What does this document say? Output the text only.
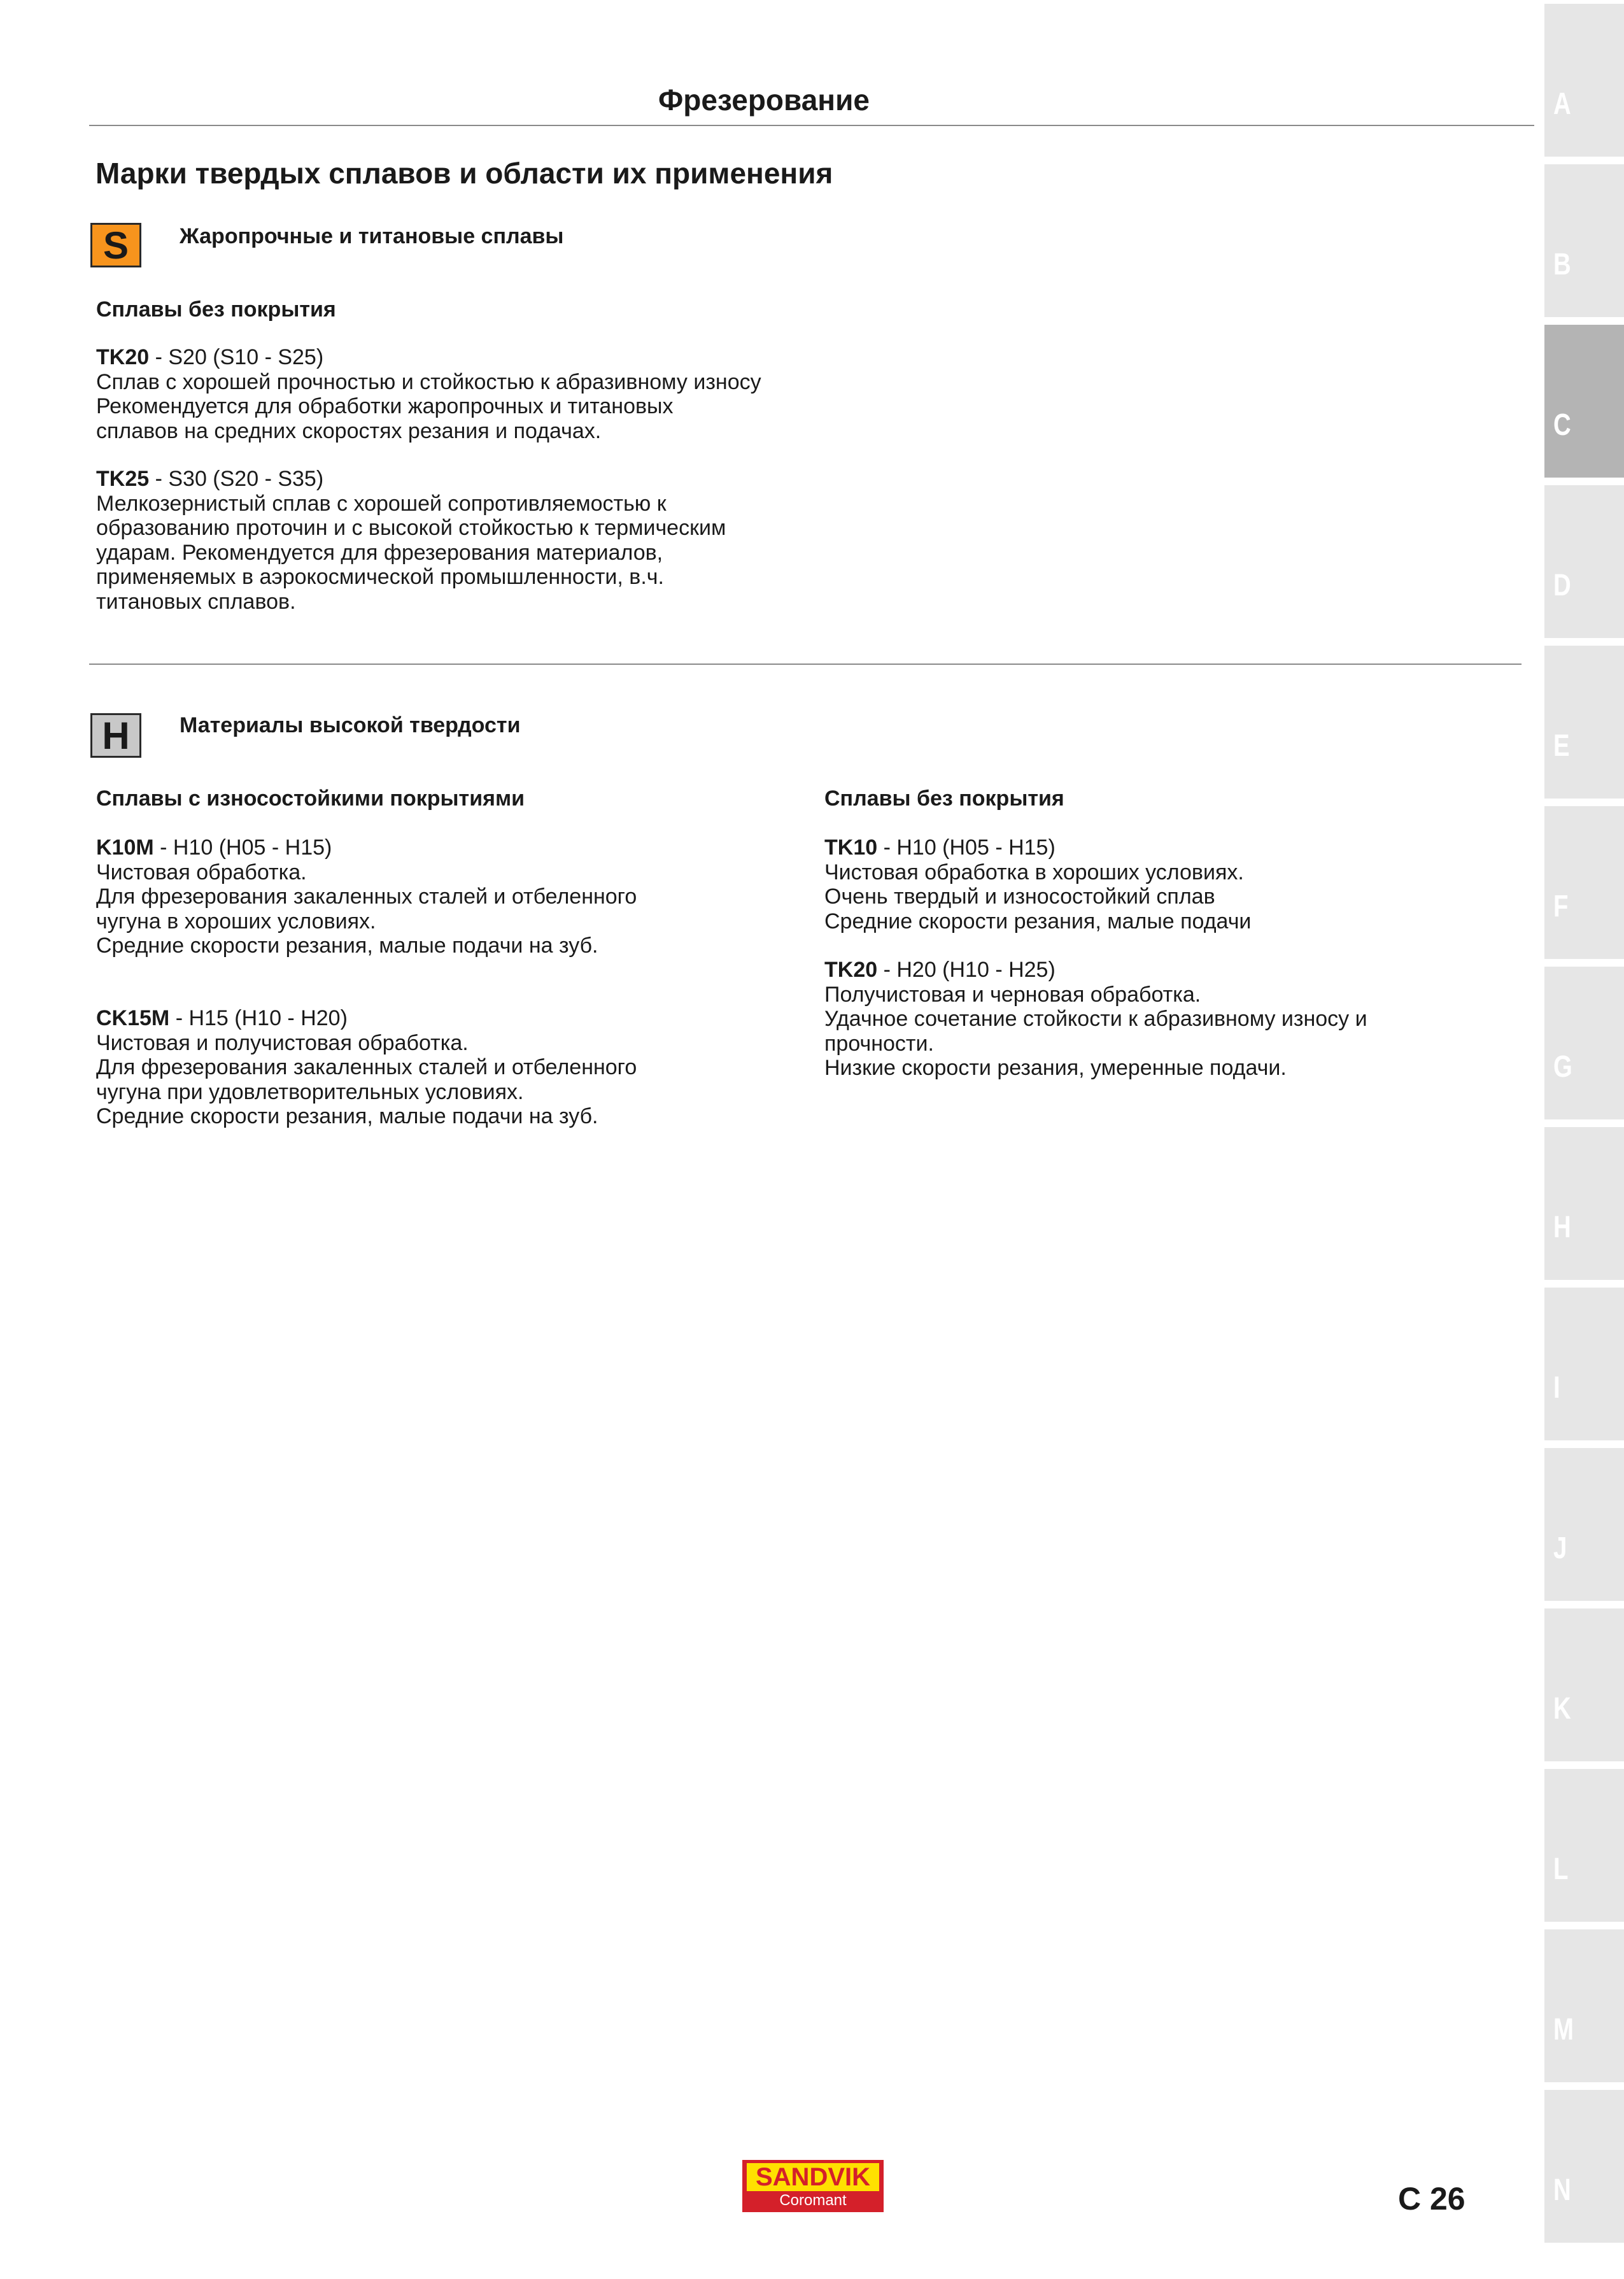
Фрезерование
Марки твердых сплавов и области их применения
S	Жаропрочные и титановые сплавы
Сплавы без покрытия

TK20 - S20 (S10 - S25)

Сплав с хорошей прочностью и стойкостью к абразивному износу

Рекомендуется для обработки жаропрочных и титановых

сплавов на средних скоростях резания и подачах.

TK25 - S30 (S20 - S35)

Мелкозернистый сплав с хорошей сопротивляемостью к

образованию проточин и с высокой стойкостью к термическим

ударам. Рекомендуется для фрезерования материалов,

применяемых в аэрокосмической промышленности, в.ч.

титановых сплавов.

H	Материалы высокой твердости
Сплавы с износостойкими покрытиями	Сплавы без покрытия

K10M - H10 (H05 - H15)

Чистовая обработка.

Для фрезерования закаленных сталей и отбеленного

чугуна в хороших условиях.

Средние скорости резания, малые подачи на зуб.

CK15M - H15 (H10 - H20)

Чистовая и получистовая обработка.

Для фрезерования закаленных сталей и отбеленного

чугуна при удовлетворительных условиях.

Средние скорости резания, малые подачи на зуб.

TK10 - H10 (H05 - H15)

Чистовая обработка в хороших условиях.

Очень твердый и износостойкий сплав

Средние скорости резания, малые подачи

TK20 - H20 (H10 - H25)

Получистовая и черновая обработка.

Удачное сочетание стойкости к абразивному износу и

прочности.

Низкие скорости резания, умеренные подачи.

A
B
C
D
E
F
G
H
I
J
K
L
M
N
SANDVIK
Coromant	C 26
